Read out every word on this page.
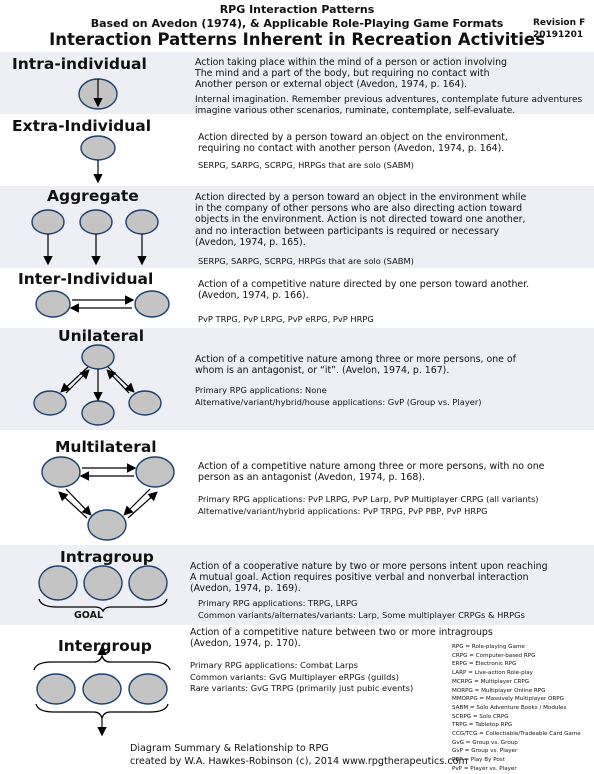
RPG Interaction Patterns
Based on Avedon (1974), & Applicable Role-Playing Game Formats
Interaction Patterns Inherent in Recreation Activities
Revision F
20191201
Intra-individual	Action taking place within the mind of a person or action involving
The mind and a part of the body, but requiring no contact with
Another person or external object (Avedon, 1974, p. 164).
Internal imagination. Remember previous adventures, contemplate future adventures
imagine various other scenarios, ruminate, contemplate, self-evaluate.
Extra-Individual
Action directed by a person toward an object on the environment,
requiring no contact with another person (Avedon, 1974, p. 164).
SERPG, SARPG, SCRPG, HRPGs that are solo (SABM)
Aggregate	Action directed by a person toward an object in the environment while
in the company of other persons who are also directing action toward
objects in the environment. Action is not directed toward one another,
and no interaction between participants is required or necessary
(Avedon, 1974, p. 165).
SERPG, SARPG, SCRPG, HRPGs that are solo (SABM)
Inter-Individual	Action of a competitive nature directed by one person toward another.
(Avedon, 1974, p. 166).
PvP TRPG, PvP LRPG, PvP eRPG, PvP HRPG
Unilateral
Action of a competitive nature among three or more persons, one of
whom is an antagonist, or “it”. (Avelon, 1974, p. 167).
Primary RPG applications: None
Alternative/variant/hybrid/house applications: GvP (Group vs. Player)
Multilateral
Action of a competitive nature among three or more persons, with no one
person as an antagonist (Avedon, 1974, p. 168).
Primary RPG applications: PvP LRPG, PvP Larp, PvP Multiplayer CRPG (all variants)
Alternative/variant/hybrid applications: PvP TRPG, PvP PBP, PvP HRPG
Intragroup
Action of a cooperative nature by two or more persons intent upon reaching
A mutual goal. Action requires positive verbal and nonverbal interaction
(Avedon, 1974, p. 169).
Primary RPG applications: TRPG, LRPG
Common variants/alternates/variants: Larp, Some multiplayer CRPGs & HRPGs
GOAL
Intergroup
Action of a competitive nature between two or more intragroups
(Avedon, 1974, p. 170).
Primary RPG applications: Combat Larps
Common variants: GvG Multiplayer eRPGs (guilds)
Rare variants: GvG TRPG (primarily just pubic events)
RPG = Role-playing Game
CRPG = Computer-based RPG
ERPG = Electronic RPG
LARP = Live-action Role-play
MCRPG = Multiplayer CRPG
MORPG = Multiplayer Online RPG
MMORPG = Massively Multiplayer ORPG
SABM = Solo Adventure Books / Modules
SCRPG = Solo CRPG
TRPG = Tabletop RPG
CCG/TCG = Collectiable/Tradeable Card Game
GvG = Group vs. Group
GvP = Group vs. Player
PBP = Play By Post
PvP = Player vs. Player
Diagram Summary & Relationship to RPG
created by W.A. Hawkes-Robinson (c), 2014 www.rpgtherapeutics.com
